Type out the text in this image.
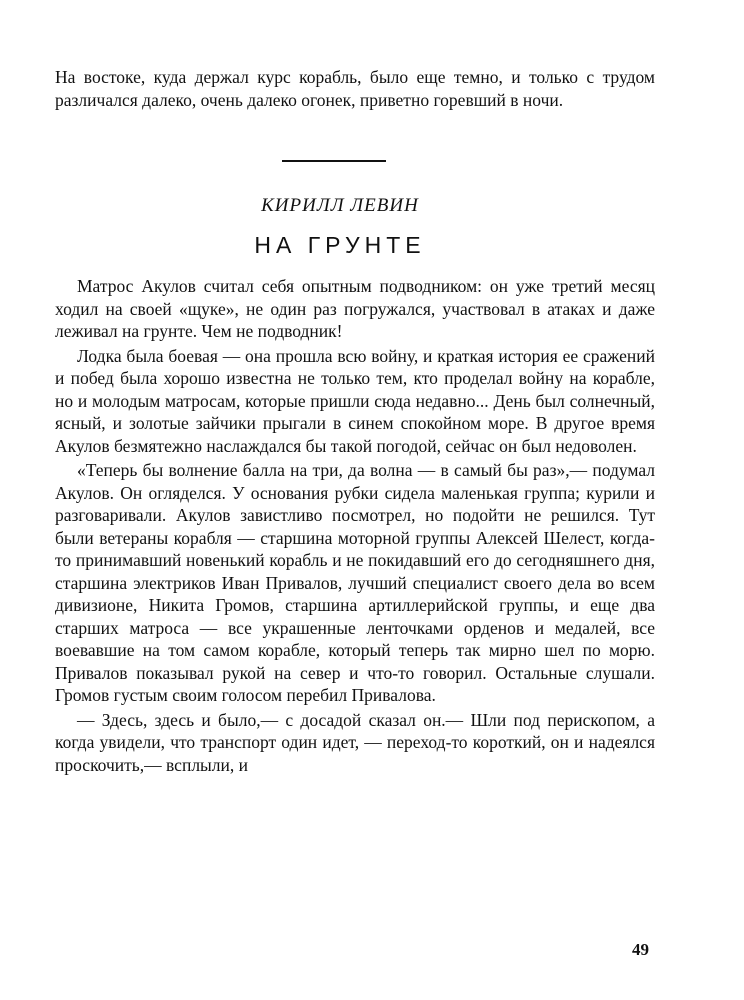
На востоке, куда держал курс корабль, было еще темно, и только с трудом различался далеко, очень далеко огонек, приветно горевший в ночи.

КИРИЛЛ ЛЕВИН
НА ГРУНТЕ

Матрос Акулов считал себя опытным подводником: он уже третий месяц ходил на своей «щуке», не один раз погружался, участвовал в атаках и даже леживал на грунте. Чем не подводник!

Лодка была боевая — она прошла всю войну, и краткая история ее сражений и побед была хорошо известна не только тем, кто проделал войну на корабле, но и молодым матросам, которые пришли сюда недавно... День был солнечный, ясный, и золотые зайчики прыгали в синем спокойном море. В другое время Акулов безмятежно наслаждался бы такой погодой, сейчас он был недоволен.

«Теперь бы волнение балла на три, да волна — в самый бы раз»,— подумал Акулов. Он огляделся. У основания рубки сидела маленькая группа; курили и разговаривали. Акулов завистливо посмотрел, но подойти не решился. Тут были ветераны корабля — старшина моторной группы Алексей Шелест, когда-то принимавший новенький корабль и не покидавший его до сегодняшнего дня, старшина электриков Иван Привалов, лучший специалист своего дела во всем дивизионе, Никита Громов, старшина артиллерийской группы, и еще два старших матроса — все украшенные ленточками орденов и медалей, все воевавшие на том самом корабле, который теперь так мирно шел по морю. Привалов показывал рукой на север и что-то говорил. Остальные слушали. Громов густым своим голосом перебил Привалова.

— Здесь, здесь и было,— с досадой сказал он.— Шли под перископом, а когда увидели, что транспорт один идет, — переход-то короткий, он и надеялся проскочить,— всплыли, и

49
